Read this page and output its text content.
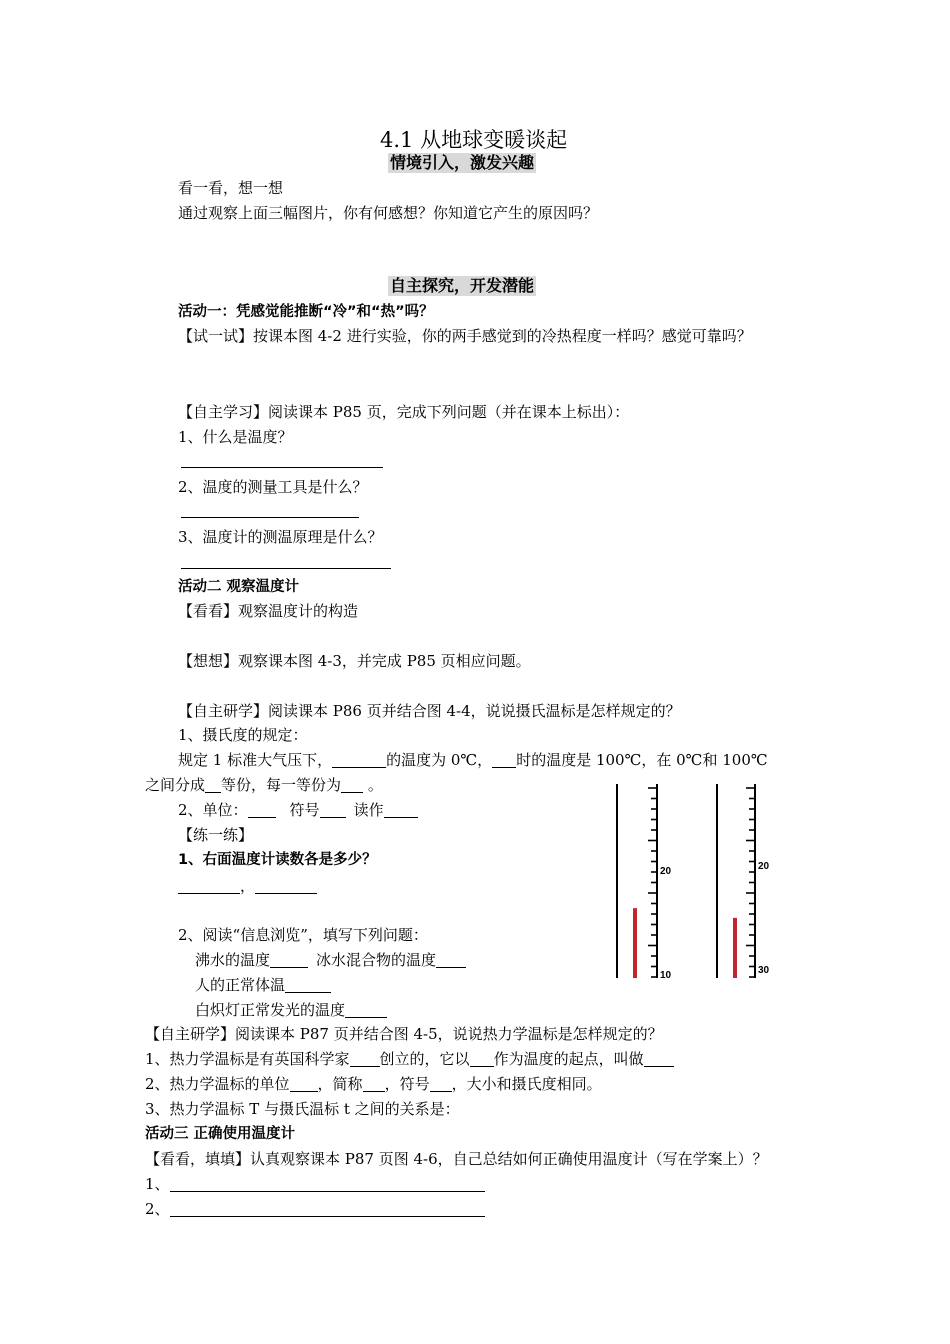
4.1 从地球变暖谈起
情境引入，激发兴趣
看一看，想一想
通过观察上面三幅图片，你有何感想？你知道它产生的原因吗？
自主探究，开发潜能
活动一：凭感觉能推断“冷”和“热”吗？
【试一试】按课本图 4-2 进行实验，你的两手感觉到的冷热程度一样吗？感觉可靠吗？
【自主学习】阅读课本 P85 页，完成下列问题（并在课本上标出）：
1、什么是温度？
2、温度的测量工具是什么？
3、温度计的测温原理是什么？
活动二 观察温度计
【看看】观察温度计的构造
【想想】观察课本图 4-3，并完成 P85 页相应问题。
【自主研学】阅读课本 P86 页并结合图 4-4，说说摄氏温标是怎样规定的？
1、摄氏度的规定：
规定 1 标准大气压下，	的温度为 0℃， 时的温度是 100℃，在 0℃和 100℃
之间分成 等份，每一等份为 。
2、单位：	符号 读作
【练一练】
1、右面温度计读数各是多少？
，
2、阅读“信息浏览”，填写下列问题：
沸水的温度	冰水混合物的温度
人的正常体温
白炽灯正常发光的温度
20
10
20
30
【自主研学】阅读课本 P87 页并结合图 4-5，说说热力学温标是怎样规定的？
1、热力学温标是有英国科学家 创立的，它以 作为温度的起点，叫做
2、热力学温标的单位 ，简称 ，符号 ，大小和摄氏度相同。
3、热力学温标 T 与摄氏温标 t 之间的关系是：
活动三 正确使用温度计
【看看，填填】认真观察课本 P87 页图 4-6，自己总结如何正确使用温度计（写在学案上）？
1、
2、
